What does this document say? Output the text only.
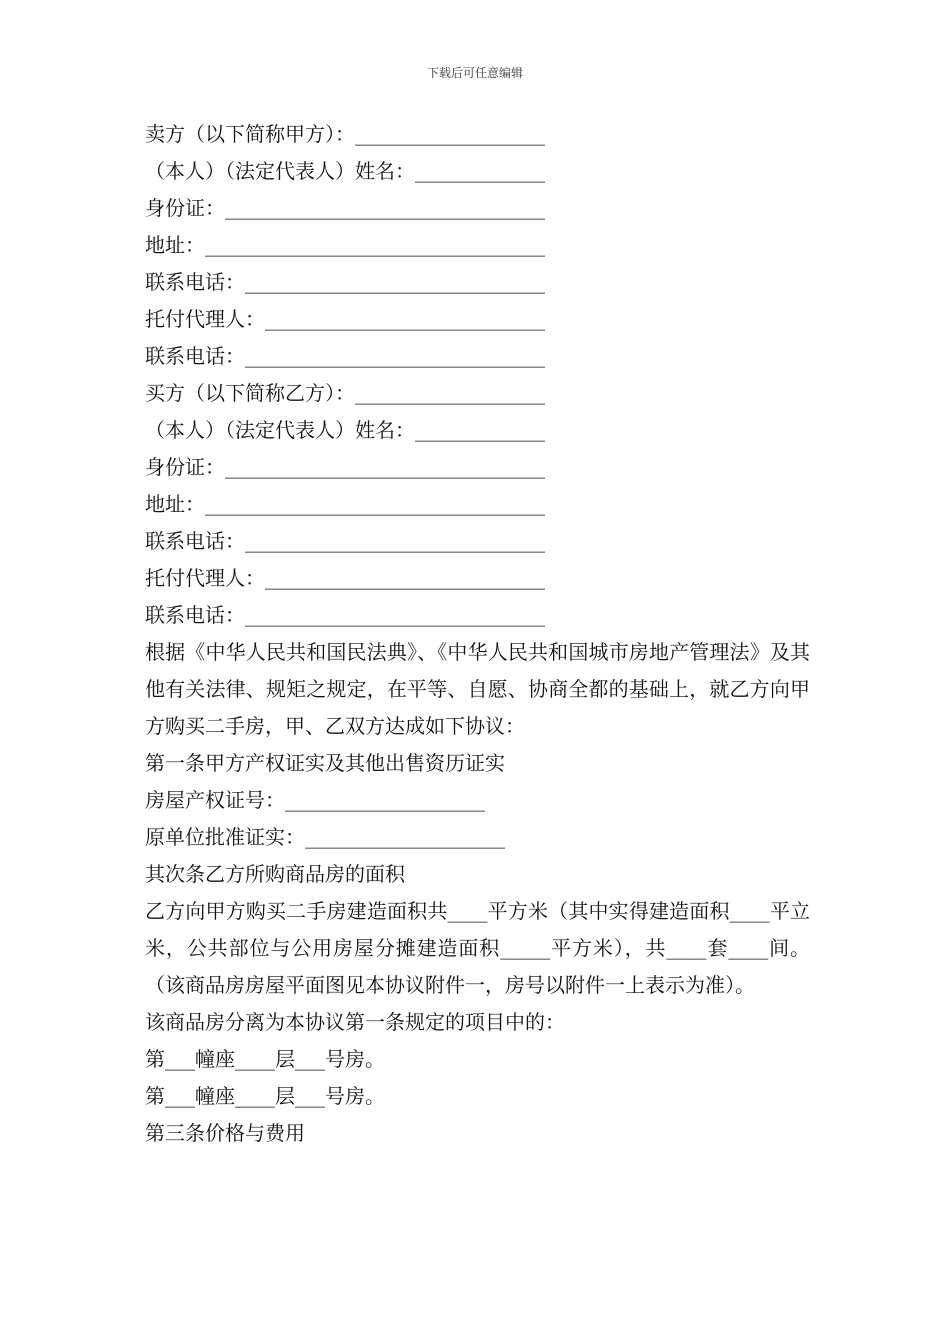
下载后可任意编辑
卖方（以下简称甲方）：___________________
（本人）（法定代表人）姓名：_____________
身份证：________________________________
地址：__________________________________
联系电话：______________________________
托付代理人：____________________________
联系电话：______________________________
买方（以下简称乙方）：___________________
（本人）（法定代表人）姓名：_____________
身份证：________________________________
地址：__________________________________
联系电话：______________________________
托付代理人：____________________________
联系电话：______________________________
根据《中华人民共和国民法典》、《中华人民共和国城市房地产管理法》及其他有关法律、规矩之规定，在平等、自愿、协商全都的基础上，就乙方向甲方购买二手房，甲、乙双方达成如下协议：
第一条甲方产权证实及其他出售资历证实
房屋产权证号：____________________
原单位批准证实：____________________
其次条乙方所购商品房的面积
乙方向甲方购买二手房建造面积共____平方米（其中实得建造面积____平立米，公共部位与公用房屋分摊建造面积_____平方米），共____套____间。（该商品房房屋平面图见本协议附件一，房号以附件一上表示为准）。
该商品房分离为本协议第一条规定的项目中的：
第___幢座____层___号房。
第___幢座____层___号房。
第三条价格与费用
